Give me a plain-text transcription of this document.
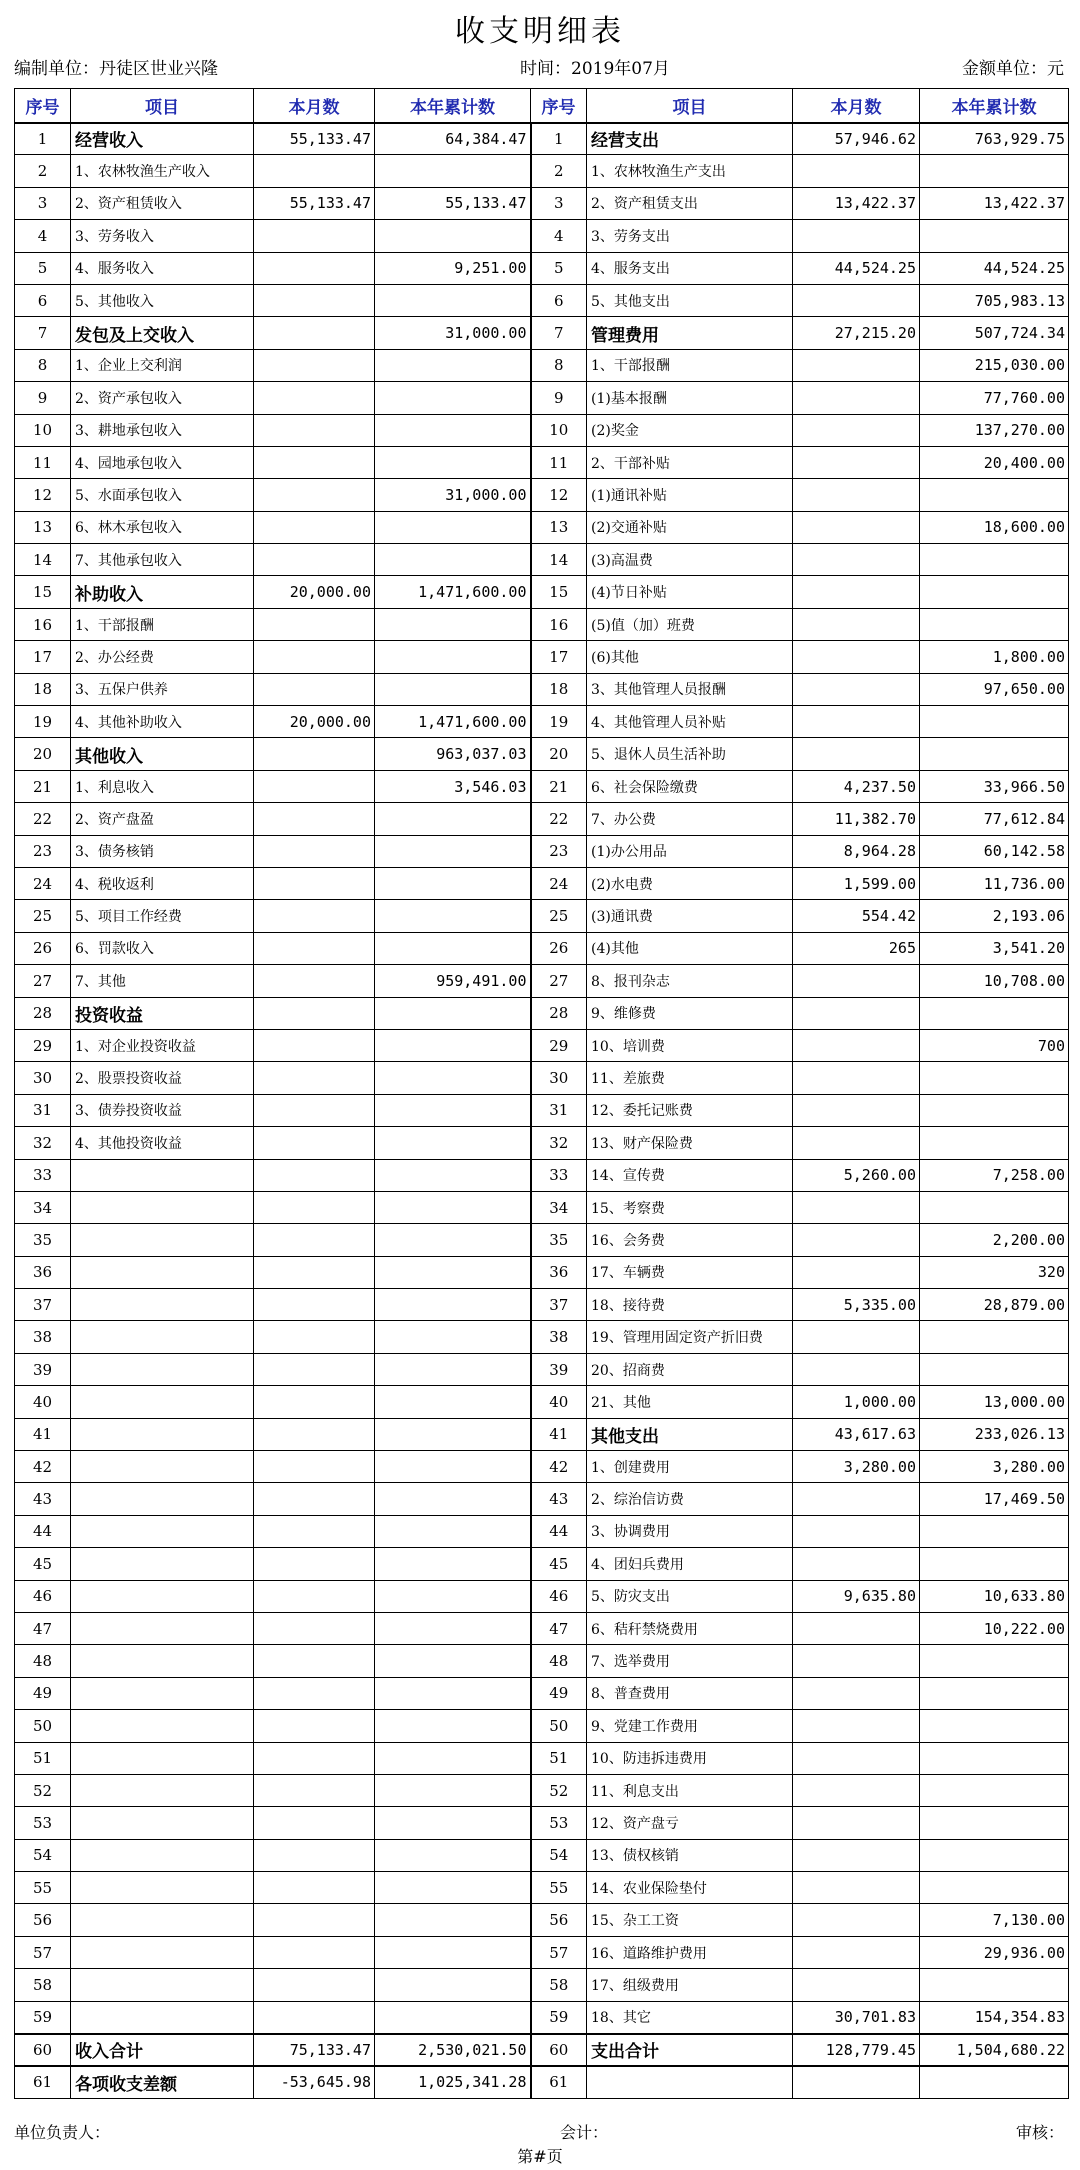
收支明细表
编制单位：丹徒区世业兴隆	时间：2019年07月	金额单位：元
序号	项目	本月数	本年累计数	序号	项目	本月数	本年累计数
1	经营收入	55,133.47	64,384.47	1	经营支出	57,946.62	763,929.75
2	1、农林牧渔生产收入			2	1、农林牧渔生产支出		
3	2、资产租赁收入	55,133.47	55,133.47	3	2、资产租赁支出	13,422.37	13,422.37
4	3、劳务收入			4	3、劳务支出		
5	4、服务收入		9,251.00	5	4、服务支出	44,524.25	44,524.25
6	5、其他收入			6	5、其他支出		705,983.13
7	发包及上交收入		31,000.00	7	管理费用	27,215.20	507,724.34
8	1、企业上交利润			8	1、干部报酬		215,030.00
9	2、资产承包收入			9	(1)基本报酬		77,760.00
10	3、耕地承包收入			10	(2)奖金		137,270.00
11	4、园地承包收入			11	2、干部补贴		20,400.00
12	5、水面承包收入		31,000.00	12	(1)通讯补贴		
13	6、林木承包收入			13	(2)交通补贴		18,600.00
14	7、其他承包收入			14	(3)高温费		
15	补助收入	20,000.00	1,471,600.00	15	(4)节日补贴		
16	1、干部报酬			16	(5)值（加）班费		
17	2、办公经费			17	(6)其他		1,800.00
18	3、五保户供养			18	3、其他管理人员报酬		97,650.00
19	4、其他补助收入	20,000.00	1,471,600.00	19	4、其他管理人员补贴		
20	其他收入		963,037.03	20	5、退休人员生活补助		
21	1、利息收入		3,546.03	21	6、社会保险缴费	4,237.50	33,966.50
22	2、资产盘盈			22	7、办公费	11,382.70	77,612.84
23	3、债务核销			23	(1)办公用品	8,964.28	60,142.58
24	4、税收返利			24	(2)水电费	1,599.00	11,736.00
25	5、项目工作经费			25	(3)通讯费	554.42	2,193.06
26	6、罚款收入			26	(4)其他	265	3,541.20
27	7、其他		959,491.00	27	8、报刊杂志		10,708.00
28	投资收益			28	9、维修费		
29	1、对企业投资收益			29	10、培训费		700
30	2、股票投资收益			30	11、差旅费		
31	3、债券投资收益			31	12、委托记账费		
32	4、其他投资收益			32	13、财产保险费		
33				33	14、宣传费	5,260.00	7,258.00
34				34	15、考察费		
35				35	16、会务费		2,200.00
36				36	17、车辆费		320
37				37	18、接待费	5,335.00	28,879.00
38				38	19、管理用固定资产折旧费		
39				39	20、招商费		
40				40	21、其他	1,000.00	13,000.00
41				41	其他支出	43,617.63	233,026.13
42				42	1、创建费用	3,280.00	3,280.00
43				43	2、综治信访费		17,469.50
44				44	3、协调费用		
45				45	4、团妇兵费用		
46				46	5、防灾支出	9,635.80	10,633.80
47				47	6、秸秆禁烧费用		10,222.00
48				48	7、选举费用		
49				49	8、普查费用		
50				50	9、党建工作费用		
51				51	10、防违拆违费用		
52				52	11、利息支出		
53				53	12、资产盘亏		
54				54	13、债权核销		
55				55	14、农业保险垫付		
56				56	15、杂工工资		7,130.00
57				57	16、道路维护费用		29,936.00
58				58	17、组级费用		
59				59	18、其它	30,701.83	154,354.83
60	收入合计	75,133.47	2,530,021.50	60	支出合计	128,779.45	1,504,680.22
61	各项收支差额	-53,645.98	1,025,341.28	61			
单位负责人：	会计：	审核：
第#页
